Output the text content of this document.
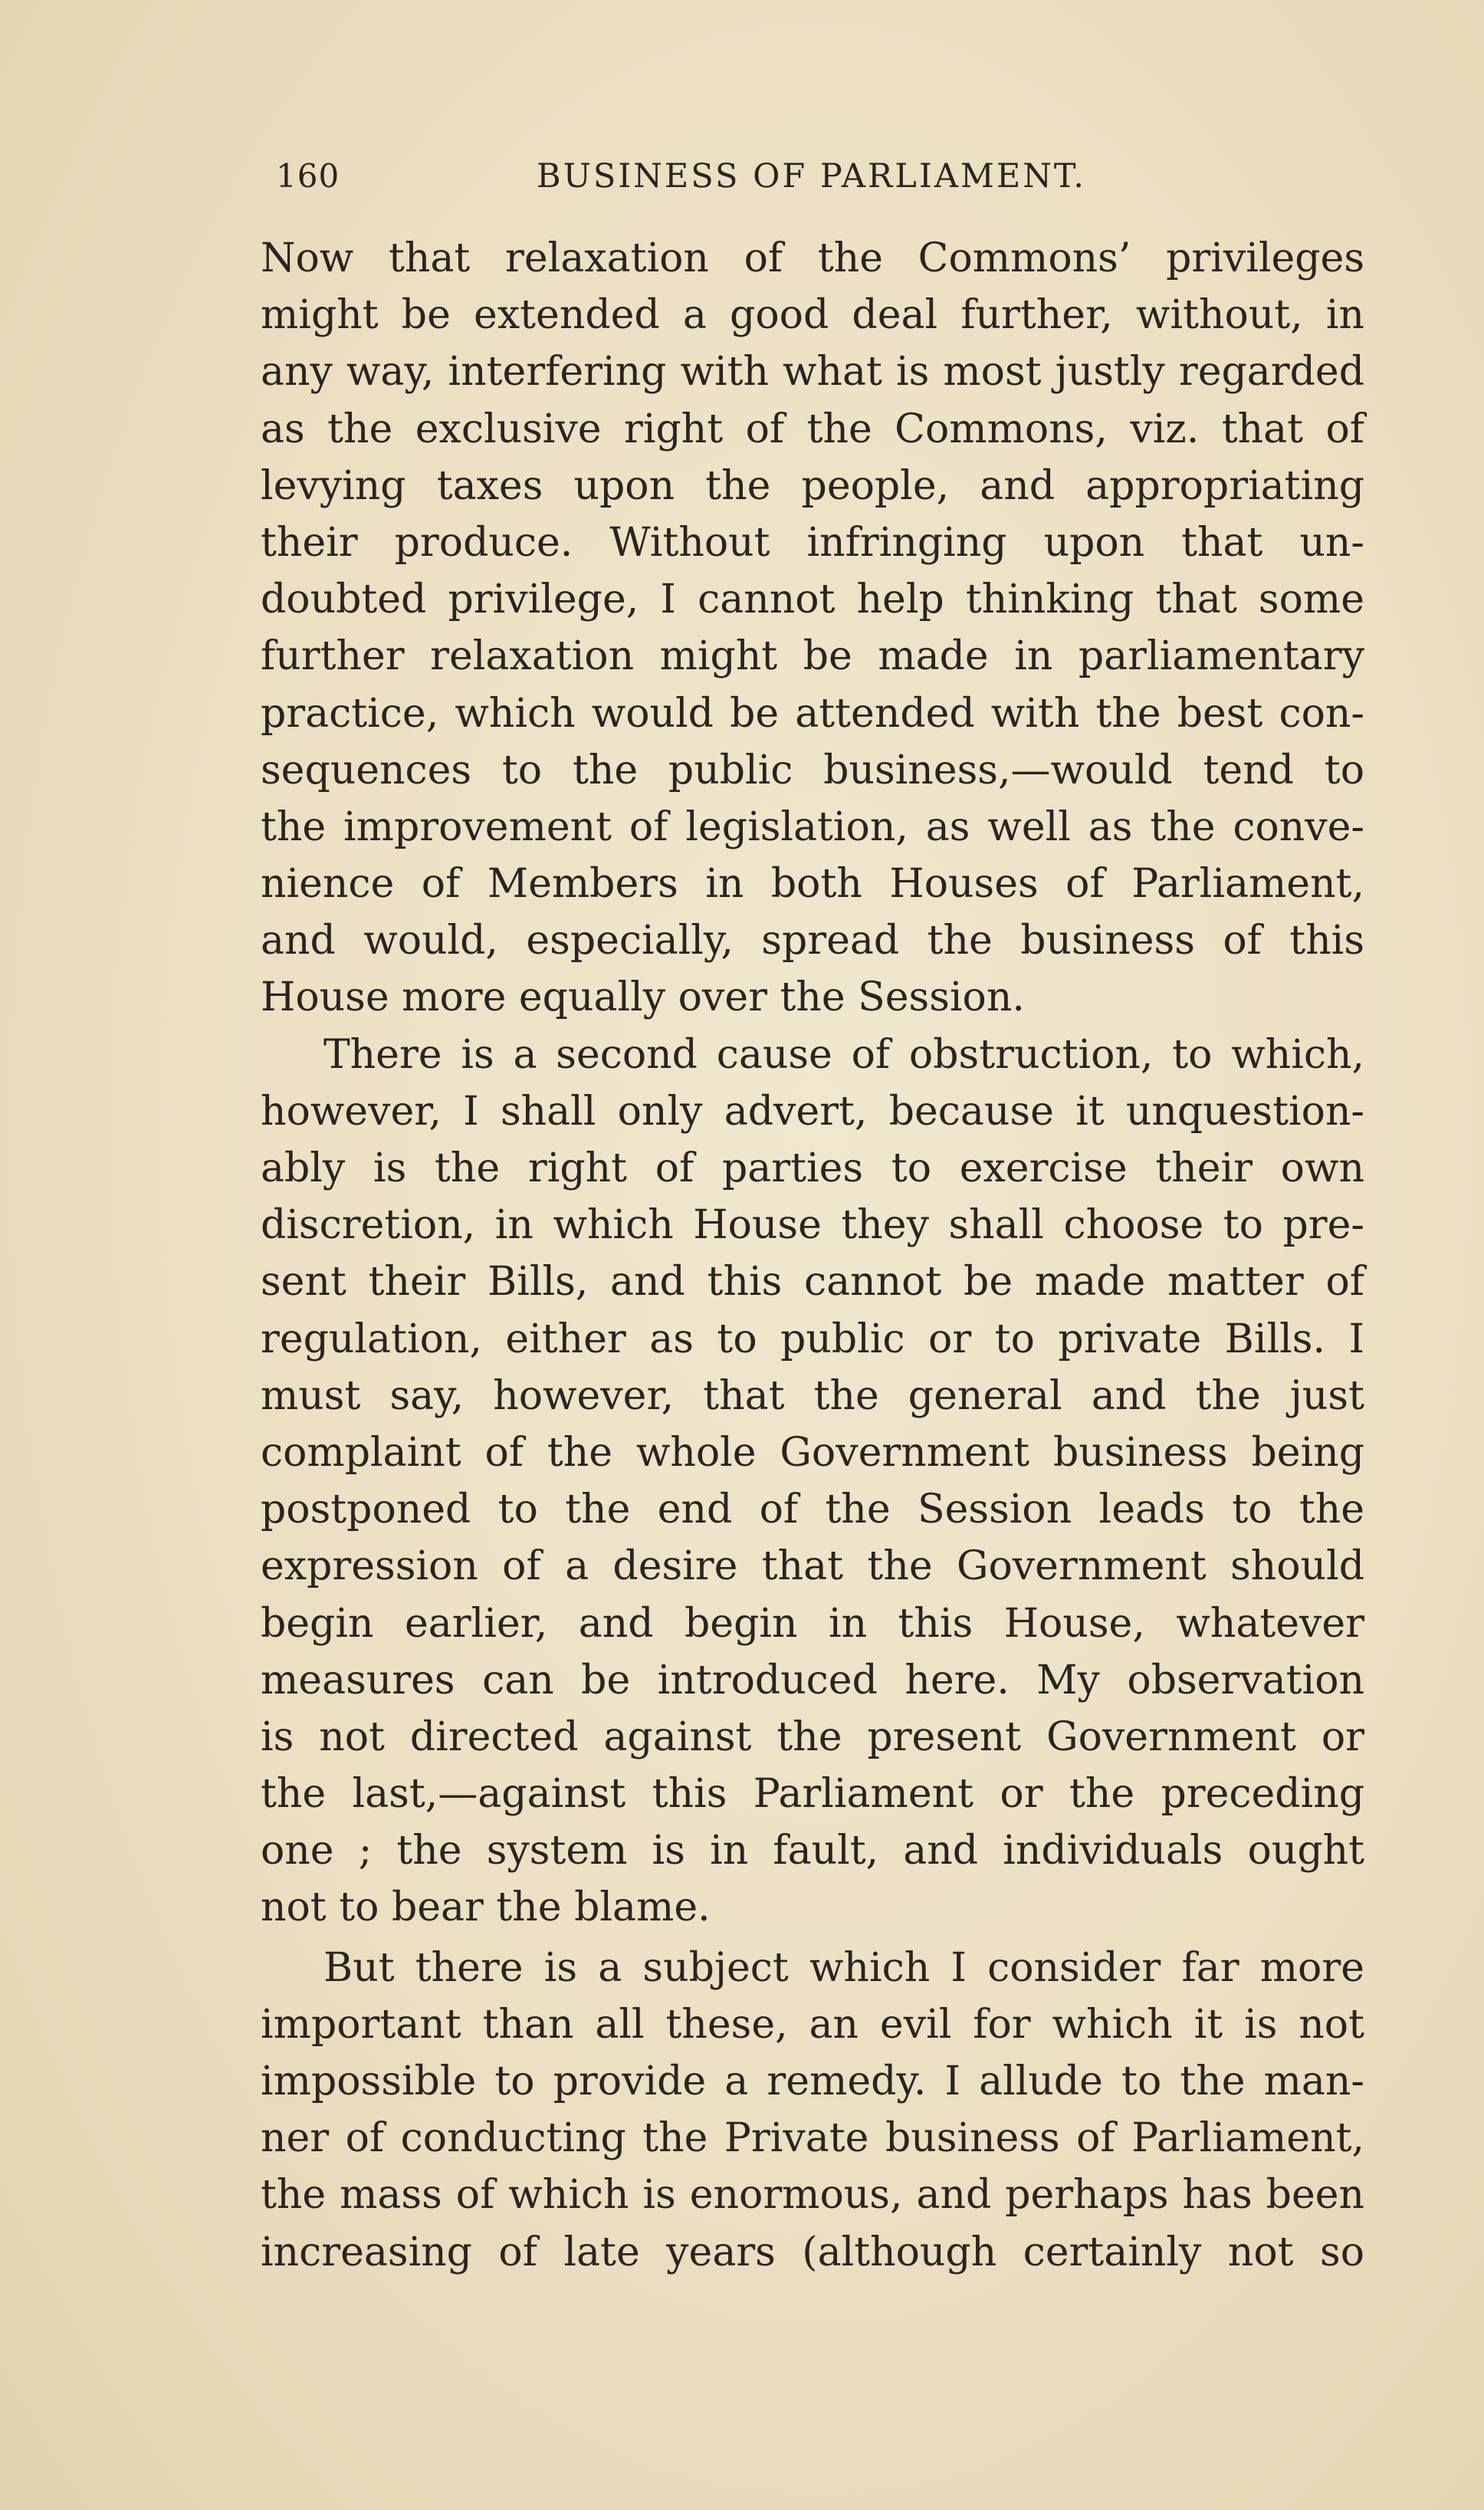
160	BUSINESS OF PARLIAMENT.
Now that relaxation of the Commons’ privileges
might be extended a good deal further, without, in
any way, interfering with what is most justly regarded
as the exclusive right of the Commons, viz. that of
levying taxes upon the people, and appropriating
their produce. Without infringing upon that un-
doubted privilege, I cannot help thinking that some
further relaxation might be made in parliamentary
practice, which would be attended with the best con-
sequences to the public business,—would tend to
the improvement of legislation, as well as the conve-
nience of Members in both Houses of Parliament,
and would, especially, spread the business of this
House more equally over the Session.
There is a second cause of obstruction, to which,
however, I shall only advert, because it unquestion-
ably is the right of parties to exercise their own
discretion, in which House they shall choose to pre-
sent their Bills, and this cannot be made matter of
regulation, either as to public or to private Bills. I
must say, however, that the general and the just
complaint of the whole Government business being
postponed to the end of the Session leads to the
expression of a desire that the Government should
begin earlier, and begin in this House, whatever
measures can be introduced here. My observation
is not directed against the present Government or
the last,—against this Parliament or the preceding
one ; the system is in fault, and individuals ought
not to bear the blame.
But there is a subject which I consider far more
important than all these, an evil for which it is not
impossible to provide a remedy. I allude to the man-
ner of conducting the Private business of Parliament,
the mass of which is enormous, and perhaps has been
increasing of late years (although certainly not so
